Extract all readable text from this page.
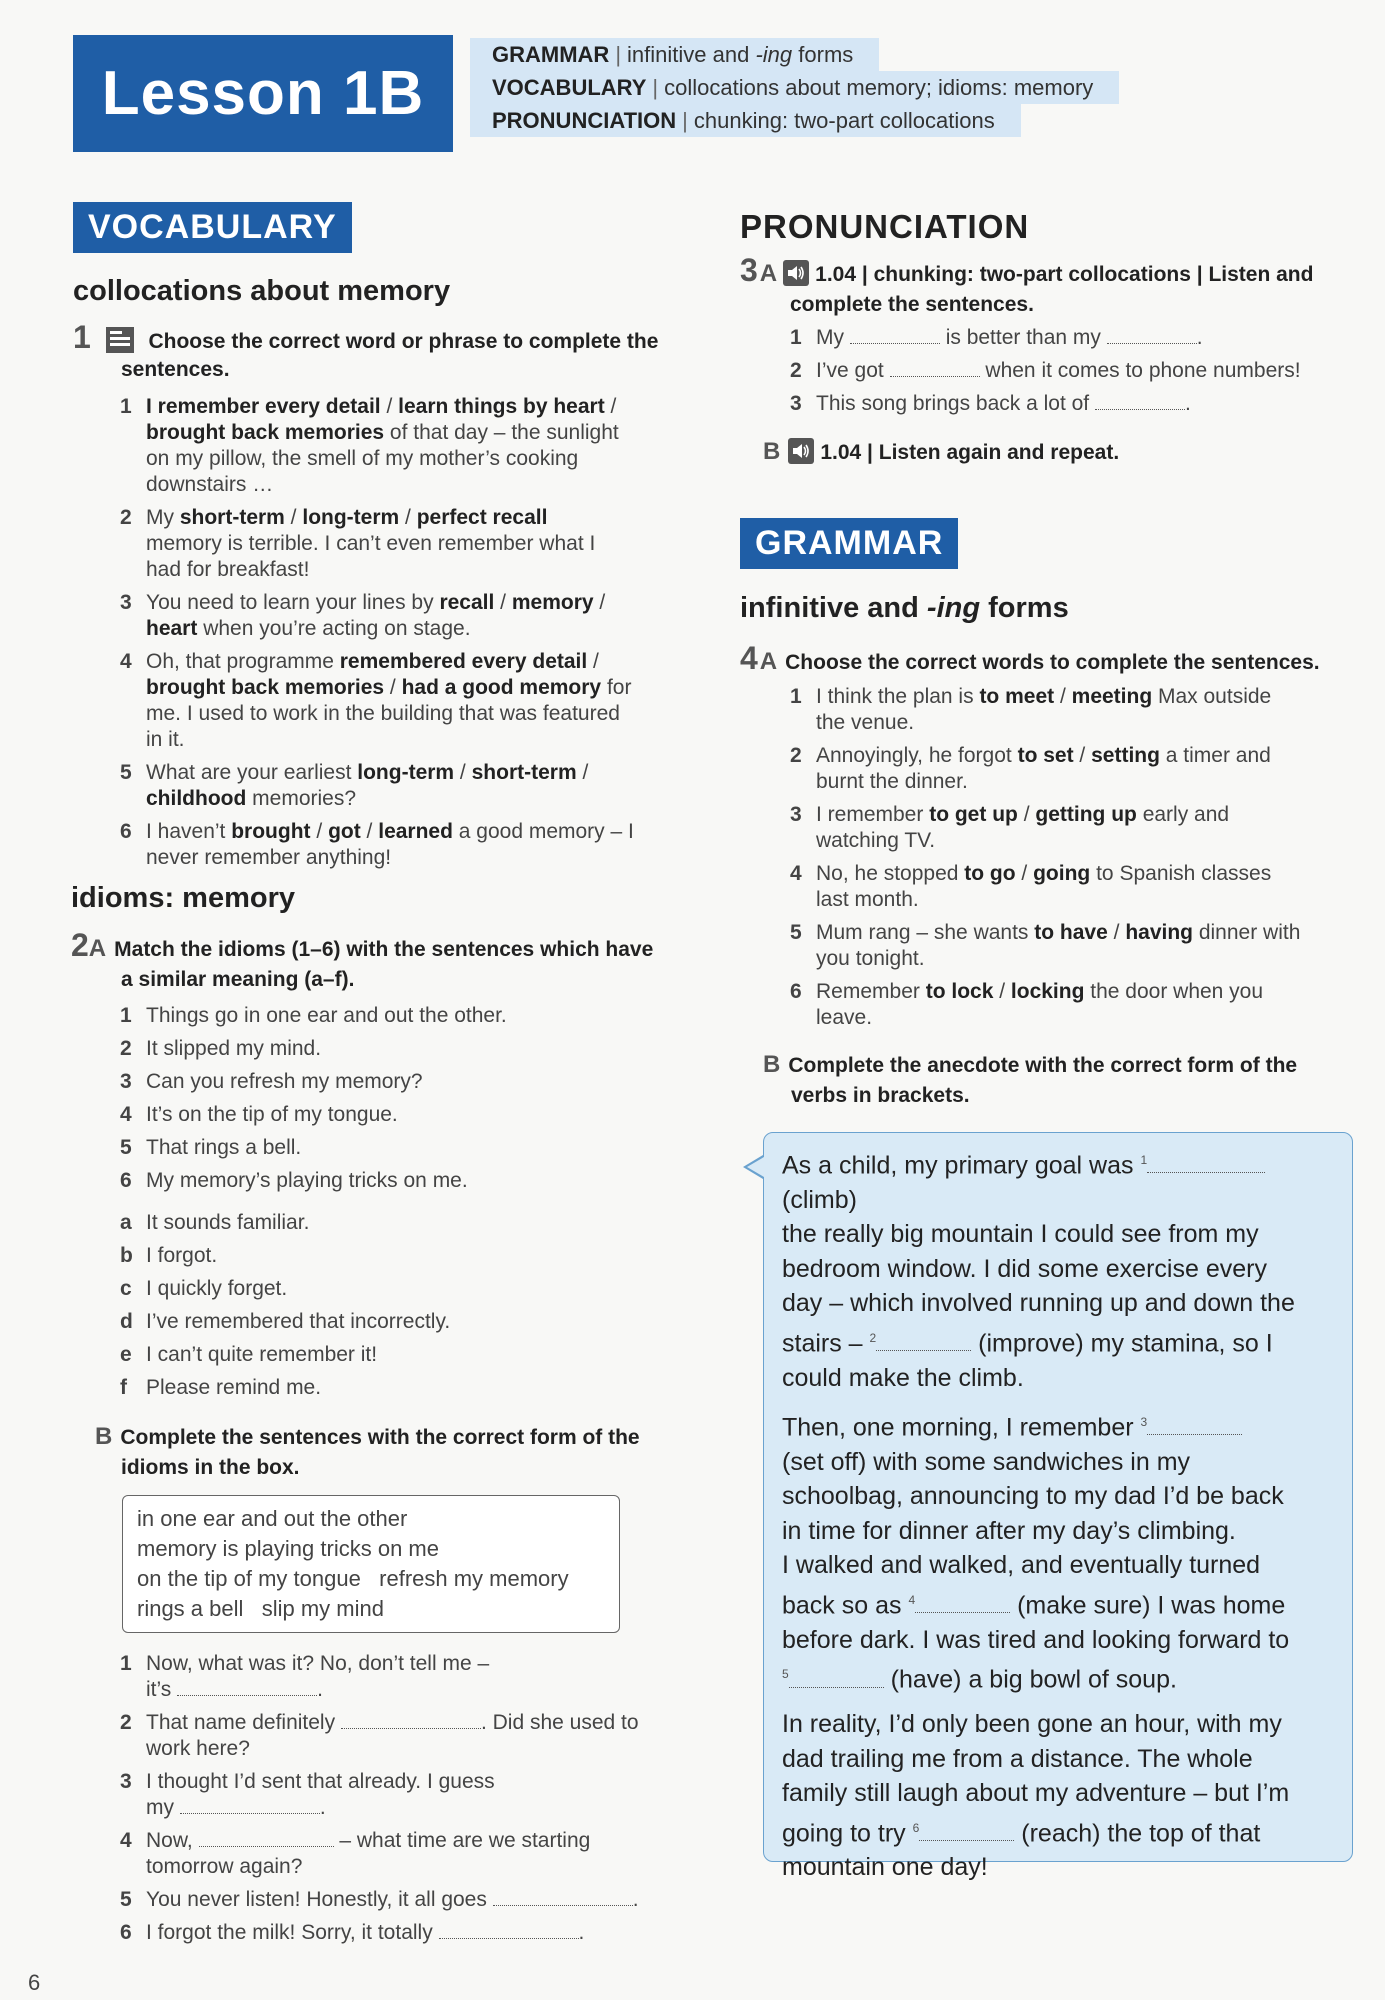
Lesson 1B
GRAMMAR | infinitive and -ing forms
VOCABULARY | collocations about memory; idioms: memory
PRONUNCIATION | chunking: two-part collocations
VOCABULARY
collocations about memory
1	Choose the correct word or phrase to complete the
sentences.
1 I remember every detail / learn things by heart /
brought back memories of that day – the sunlight
on my pillow, the smell of my mother’s cooking
downstairs …
2 My short-term / long-term / perfect recall
memory is terrible. I can’t even remember what I
had for breakfast!
3 You need to learn your lines by recall / memory /
heart when you’re acting on stage.
4 Oh, that programme remembered every detail /
brought back memories / had a good memory for
me. I used to work in the building that was featured
in it.
5 What are your earliest long-term / short-term /
childhood memories?
6 I haven’t brought / got / learned a good memory – I
never remember anything!
idioms: memory
2A Match the idioms (1–6) with the sentences which have
a similar meaning (a–f).
1 Things go in one ear and out the other.
2 It slipped my mind.
3 Can you refresh my memory?
4 It’s on the tip of my tongue.
5 That rings a bell.
6 My memory’s playing tricks on me.
a It sounds familiar.
b I forgot.
c I quickly forget.
d I’ve remembered that incorrectly.
e I can’t quite remember it!
f Please remind me.
B Complete the sentences with the correct form of the
idioms in the box.
in one ear and out the other
memory is playing tricks on me
on the tip of my tongue   refresh my memory
rings a bell   slip my mind
1 Now, what was it? No, don’t tell me –
it’s	.
2 That name definitely	. Did she used to
work here?
3 I thought I’d sent that already. I guess
my	.
4 Now,	– what time are we starting
tomorrow again?
5 You never listen! Honestly, it all goes	.
6 I forgot the milk! Sorry, it totally	.
PRONUNCIATION
3A 1.04 | chunking: two-part collocations | Listen and
complete the sentences.
1 My	is better than my	.
2 I’ve got	when it comes to phone numbers!
3 This song brings back a lot of	.
B 1.04 | Listen again and repeat.
GRAMMAR
infinitive and -ing forms
4A Choose the correct words to complete the sentences.
1 I think the plan is to meet / meeting Max outside
the venue.
2 Annoyingly, he forgot to set / setting a timer and
burnt the dinner.
3 I remember to get up / getting up early and
watching TV.
4 No, he stopped to go / going to Spanish classes
last month.
5 Mum rang – she wants to have / having dinner with
you tonight.
6 Remember to lock / locking the door when you
leave.
B Complete the anecdote with the correct form of the
verbs in brackets.
As a child, my primary goal was $^1$ (climb)
the really big mountain I could see from my
bedroom window. I did some exercise every
day – which involved running up and down the
stairs – $^2$	(improve) my stamina, so I
could make the climb.
Then, one morning, I remember $^3$
(set off) with some sandwiches in my
schoolbag, announcing to my dad I’d be back
in time for dinner after my day’s climbing.
I walked and walked, and eventually turned
back so as $^4$	(make sure) I was home
before dark. I was tired and looking forward to
$^5$	(have) a big bowl of soup.
In reality, I’d only been gone an hour, with my
dad trailing me from a distance. The whole
family still laugh about my adventure – but I’m
going to try $^6$	(reach) the top of that
mountain one day!
6
